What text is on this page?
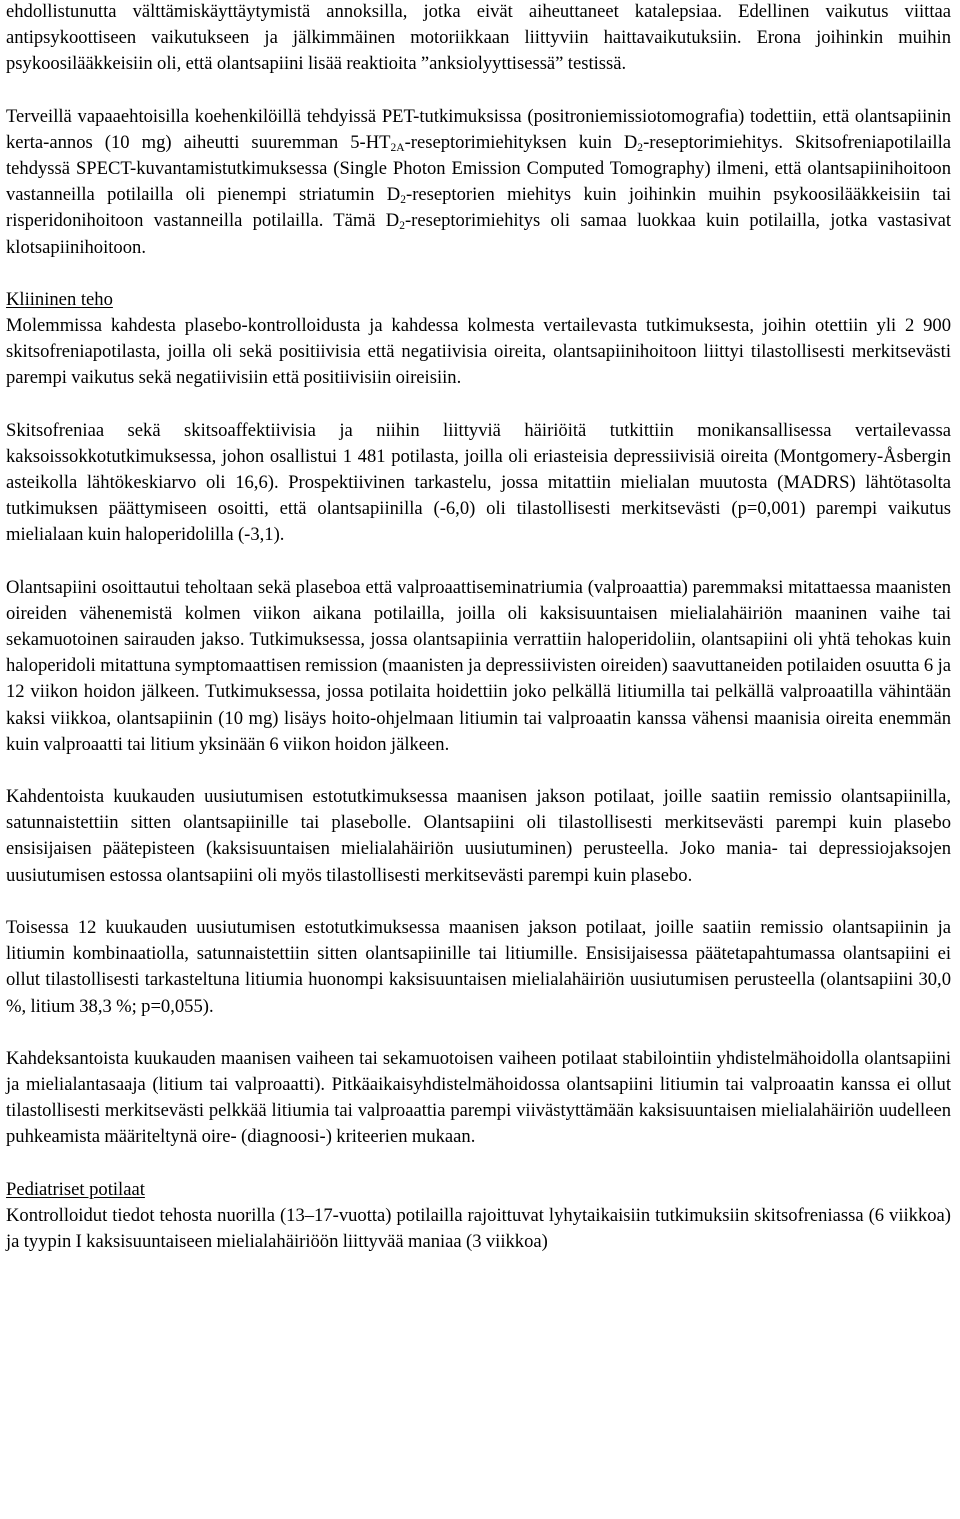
ehdollistunutta välttämiskäyttäytymistä annoksilla, jotka eivät aiheuttaneet katalepsiaa. Edellinen vaikutus viittaa antipsykoottiseen vaikutukseen ja jälkimmäinen motoriikkaan liittyviin haittavaikutuksiin. Erona joihinkin muihin psykoosilääkkeisiin oli, että olantsapiini lisää reaktioita ”anksiolyyttisessä” testissä.

Terveillä vapaaehtoisilla koehenkilöillä tehdyissä PET-tutkimuksissa (positroniemissiotomografia) todettiin, että olantsapiinin kerta-annos (10 mg) aiheutti suuremman $5-HT_{2A}$-reseptorimiehityksen kuin $D_2$-reseptorimiehitys. Skitsofreniapotilailla tehdyssä SPECT-kuvantamistutkimuksessa (Single Photon Emission Computed Tomography) ilmeni, että olantsapiinihoitoon vastanneilla potilailla oli pienempi striatumin $D_2$-reseptorien miehitys kuin joihinkin muihin psykoosilääkkeisiin tai risperidonihoitoon vastanneilla potilailla. Tämä $D_2$-reseptorimiehitys oli samaa luokkaa kuin potilailla, jotka vastasivat klotsapiinihoitoon.

Kliininen teho

Molemmissa kahdesta plasebo-kontrolloidusta ja kahdessa kolmesta vertailevasta tutkimuksesta, joihin otettiin yli 2 900 skitsofreniapotilasta, joilla oli sekä positiivisia että negatiivisia oireita, olantsapiinihoitoon liittyi tilastollisesti merkitsevästi parempi vaikutus sekä negatiivisiin että positiivisiin oireisiin.

Skitsofreniaa sekä skitsoaffektiivisia ja niihin liittyviä häiriöitä tutkittiin monikansallisessa vertailevassa kaksoissokkotutkimuksessa, johon osallistui 1 481 potilasta, joilla oli eriasteisia depressiivisiä oireita (Montgomery-Åsbergin asteikolla lähtökeskiarvo oli 16,6). Prospektiivinen tarkastelu, jossa mitattiin mielialan muutosta (MADRS) lähtötasolta tutkimuksen päättymiseen osoitti, että olantsapiinilla (-6,0) oli tilastollisesti merkitsevästi (p=0,001) parempi vaikutus mielialaan kuin haloperidolilla (-3,1).

Olantsapiini osoittautui teholtaan sekä plaseboa että valproaattiseminatriumia (valproaattia) paremmaksi mitattaessa maanisten oireiden vähenemistä kolmen viikon aikana potilailla, joilla oli kaksisuuntaisen mielialahäiriön maaninen vaihe tai sekamuotoinen sairauden jakso. Tutkimuksessa, jossa olantsapiinia verrattiin haloperidoliin, olantsapiini oli yhtä tehokas kuin haloperidoli mitattuna symptomaattisen remission (maanisten ja depressiivisten oireiden) saavuttaneiden potilaiden osuutta 6 ja 12 viikon hoidon jälkeen. Tutkimuksessa, jossa potilaita hoidettiin joko pelkällä litiumilla tai pelkällä valproaatilla vähintään kaksi viikkoa, olantsapiinin (10 mg) lisäys hoito-ohjelmaan litiumin tai valproaatin kanssa vähensi maanisia oireita enemmän kuin valproaatti tai litium yksinään 6 viikon hoidon jälkeen.

Kahdentoista kuukauden uusiutumisen estotutkimuksessa maanisen jakson potilaat, joille saatiin remissio olantsapiinilla, satunnaistettiin sitten olantsapiinille tai plasebolle. Olantsapiini oli tilastollisesti merkitsevästi parempi kuin plasebo ensisijaisen päätepisteen (kaksisuuntaisen mielialahäiriön uusiutuminen) perusteella. Joko mania- tai depressiojaksojen uusiutumisen estossa olantsapiini oli myös tilastollisesti merkitsevästi parempi kuin plasebo.

Toisessa 12 kuukauden uusiutumisen estotutkimuksessa maanisen jakson potilaat, joille saatiin remissio olantsapiinin ja litiumin kombinaatiolla, satunnaistettiin sitten olantsapiinille tai litiumille. Ensisijaisessa päätetapahtumassa olantsapiini ei ollut tilastollisesti tarkasteltuna litiumia huonompi kaksisuuntaisen mielialahäiriön uusiutumisen perusteella (olantsapiini 30,0 %, litium 38,3 %; p=0,055).

Kahdeksantoista kuukauden maanisen vaiheen tai sekamuotoisen vaiheen potilaat stabilointiin yhdistelmähoidolla olantsapiini ja mielialantasaaja (litium tai valproaatti). Pitkäaikaisyhdistelmähoidossa olantsapiini litiumin tai valproaatin kanssa ei ollut tilastollisesti merkitsevästi pelkkää litiumia tai valproaattia parempi viivästyttämään kaksisuuntaisen mielialahäiriön uudelleen puhkeamista määriteltynä oire- (diagnoosi-) kriteerien mukaan.

Pediatriset potilaat

Kontrolloidut tiedot tehosta nuorilla (13–17-vuotta) potilailla rajoittuvat lyhytaikaisiin tutkimuksiin skitsofreniassa (6 viikkoa) ja tyypin I kaksisuuntaiseen mielialahäiriöön liittyvää maniaa (3 viikkoa)
